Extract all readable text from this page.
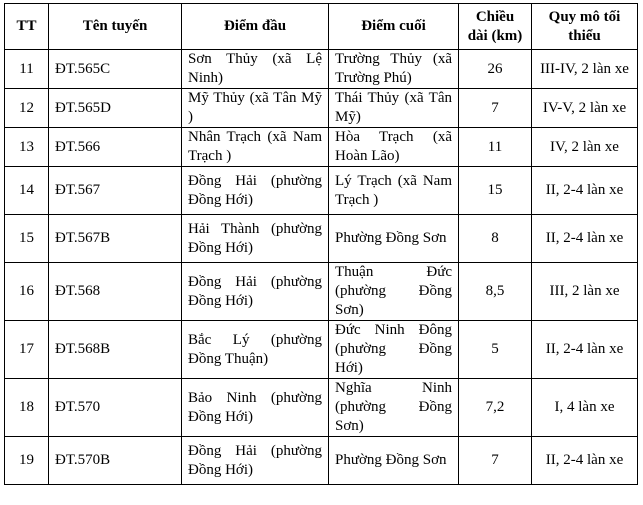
TT	Tên tuyến	Điểm đầu	Điểm cuối	Chiều dài (km)	Quy mô tối thiểu
11	ĐT.565C	Sơn Thủy (xã Lệ Ninh)	Trường Thủy (xã Trường Phú)	26	III-IV, 2 làn xe
12	ĐT.565D	Mỹ Thủy (xã Tân Mỹ )	Thái Thủy (xã Tân Mỹ)	7	IV-V, 2 làn xe
13	ĐT.566	Nhân Trạch (xã Nam Trạch )	Hòa Trạch (xã Hoàn Lão)	11	IV, 2 làn xe
14	ĐT.567	Đồng Hải (phường Đồng Hới)	Lý Trạch (xã Nam Trạch )	15	II, 2-4 làn xe
15	ĐT.567B	Hải Thành (phường Đồng Hới)	Phường Đồng Sơn	8	II, 2-4 làn xe
16	ĐT.568	Đồng Hải (phường Đồng Hới)	Thuận Đức (phường Đồng Sơn)	8,5	III, 2 làn xe
17	ĐT.568B	Bắc Lý (phường Đồng Thuận)	Đức Ninh Đông (phường Đồng Hới)	5	II, 2-4 làn xe
18	ĐT.570	Bảo Ninh (phường Đồng Hới)	Nghĩa Ninh (phường Đồng Sơn)	7,2	I, 4 làn xe
19	ĐT.570B	Đồng Hải (phường Đồng Hới)	Phường Đồng Sơn	7	II, 2-4 làn xe
